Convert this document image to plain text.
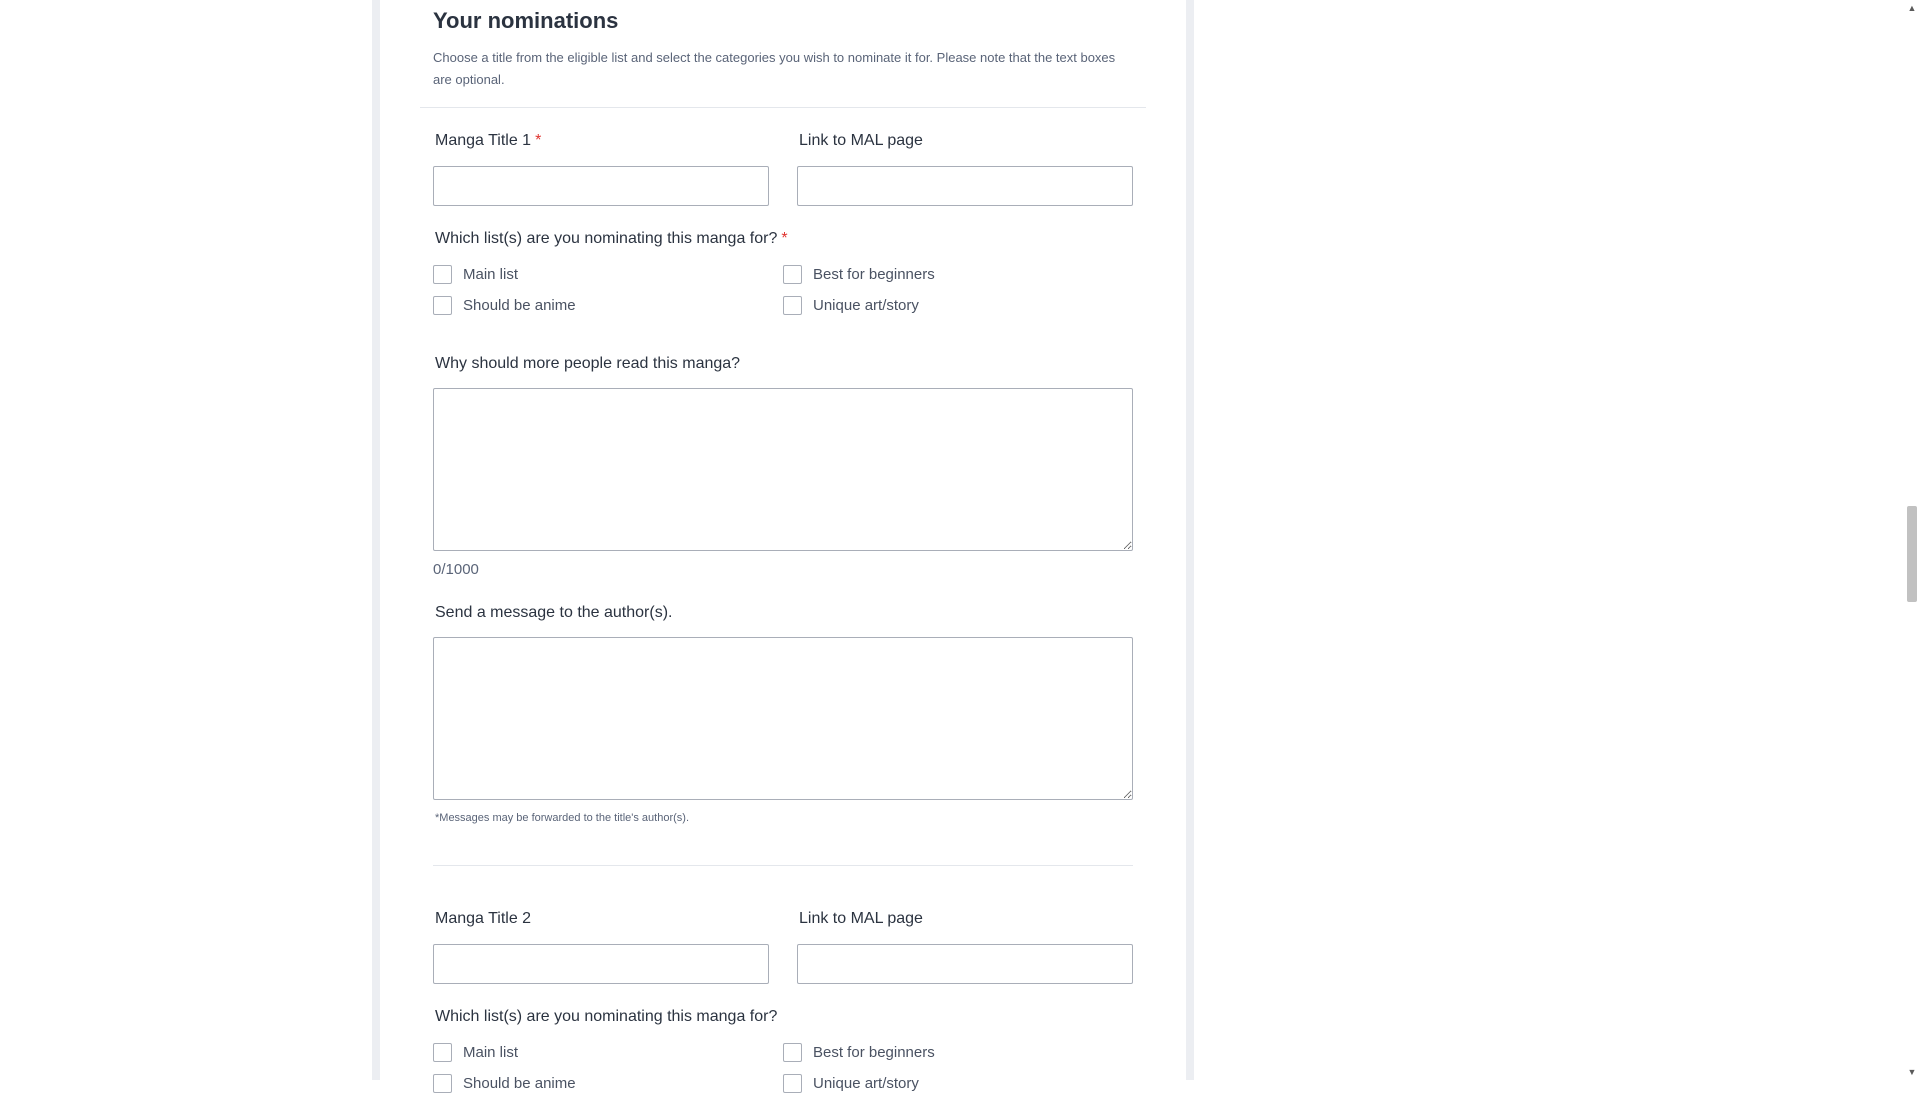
Your nominations
Choose a title from the eligible list and select the categories you wish to nominate it for. Please note that the text boxes are optional.
Manga Title 1 *	Link to MAL page
Which list(s) are you nominating this manga for? *
Main list	Best for beginners
Should be anime	Unique art/story
Why should more people read this manga?
0/1000
Send a message to the author(s).
*Messages may be forwarded to the title's author(s).
Manga Title 2	Link to MAL page
Which list(s) are you nominating this manga for?
Main list	Best for beginners
Should be anime	Unique art/story
▲
▼
